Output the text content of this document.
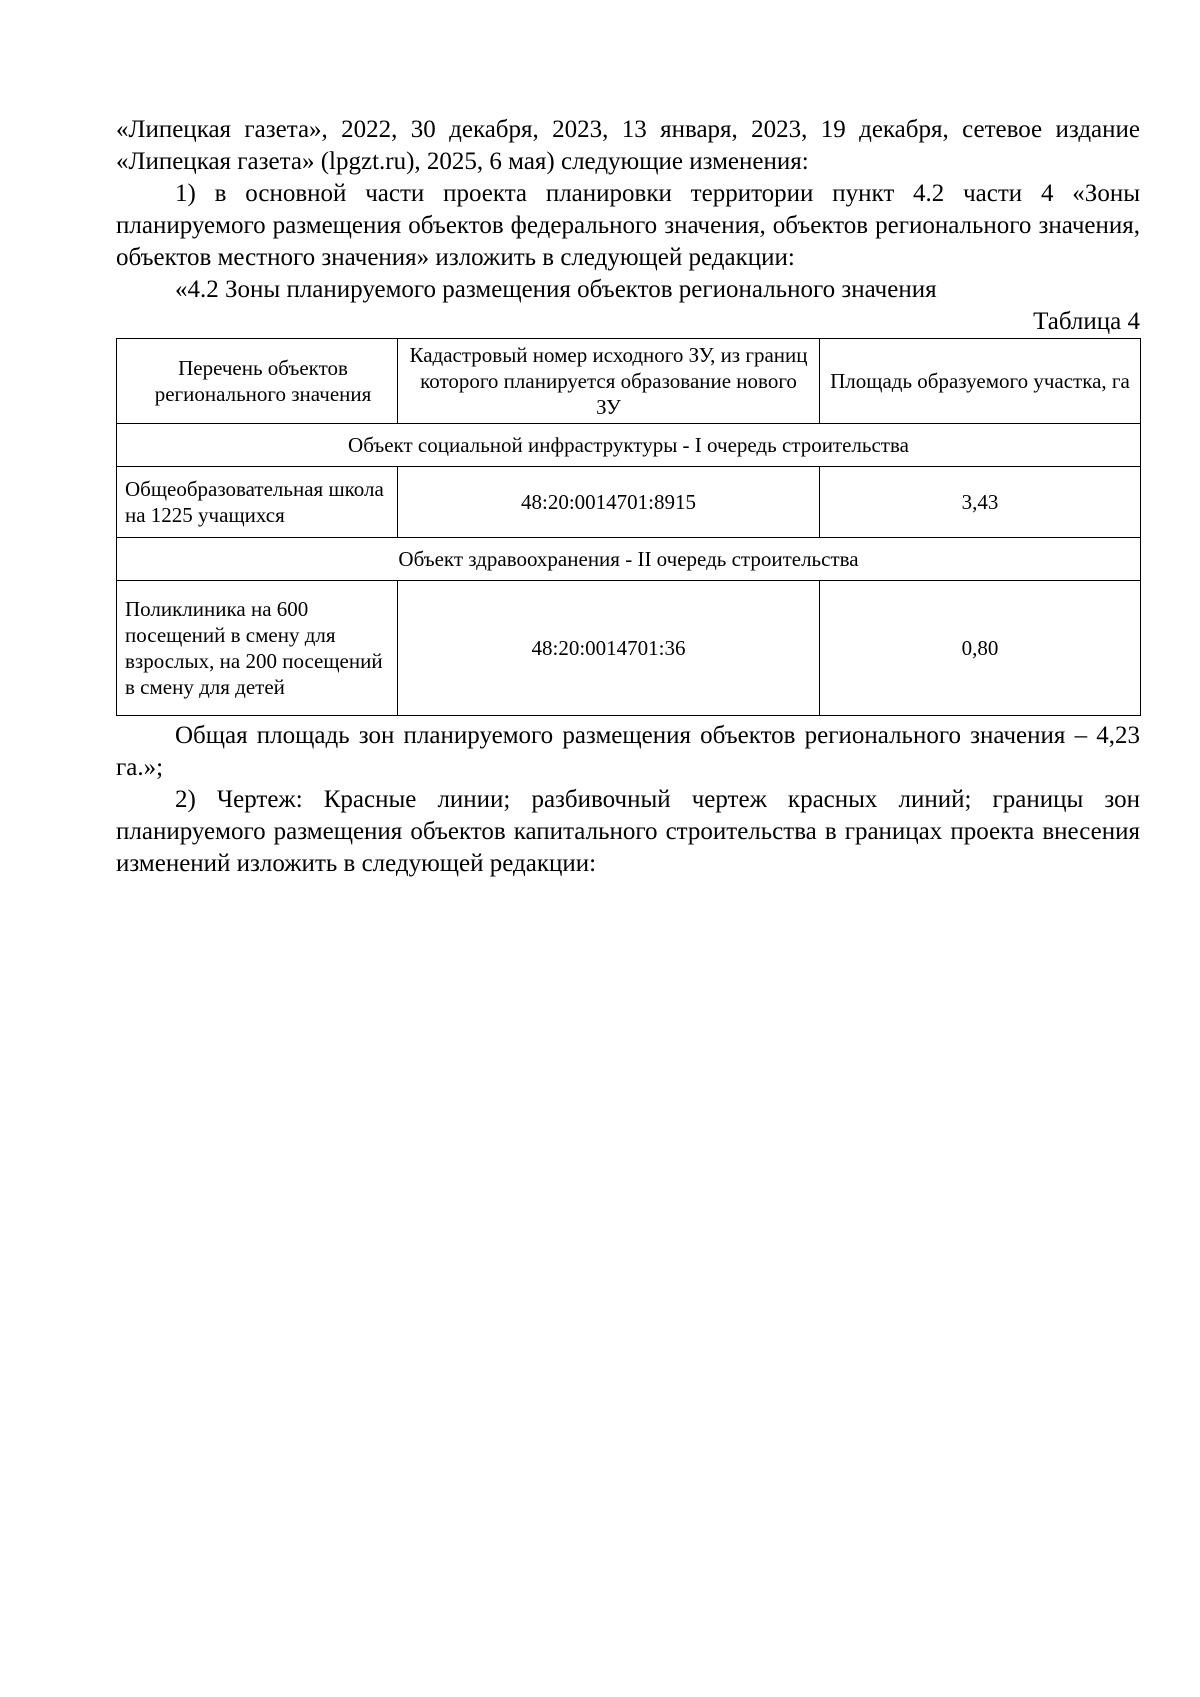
«Липецкая газета», 2022, 30 декабря, 2023, 13 января, 2023, 19 декабря, сетевое издание «Липецкая газета» (lpgzt.ru), 2025, 6 мая) следующие изменения:

1) в основной части проекта планировки территории пункт 4.2 части 4 «Зоны планируемого размещения объектов федерального значения, объектов регионального значения, объектов местного значения» изложить в следующей редакции:

«4.2 Зоны планируемого размещения объектов регионального значения

Таблица 4

Перечень объектов регионального значения	Кадастровый номер исходного ЗУ, из границ которого планируется образование нового ЗУ	Площадь образуемого участка, га
Объект социальной инфраструктуры - I очередь строительства		
Общеобразовательная школа на 1225 учащихся	48:20:0014701:8915	3,43
Объект здравоохранения - II очередь строительства		
Поликлиника на 600 посещений в смену для взрослых, на 200 посещений в смену для детей	48:20:0014701:36	0,80

Общая площадь зон планируемого размещения объектов регионального значения – 4,23 га.»;

2) Чертеж: Красные линии; разбивочный чертеж красных линий; границы зон планируемого размещения объектов капитального строительства в границах проекта внесения изменений изложить в следующей редакции:
